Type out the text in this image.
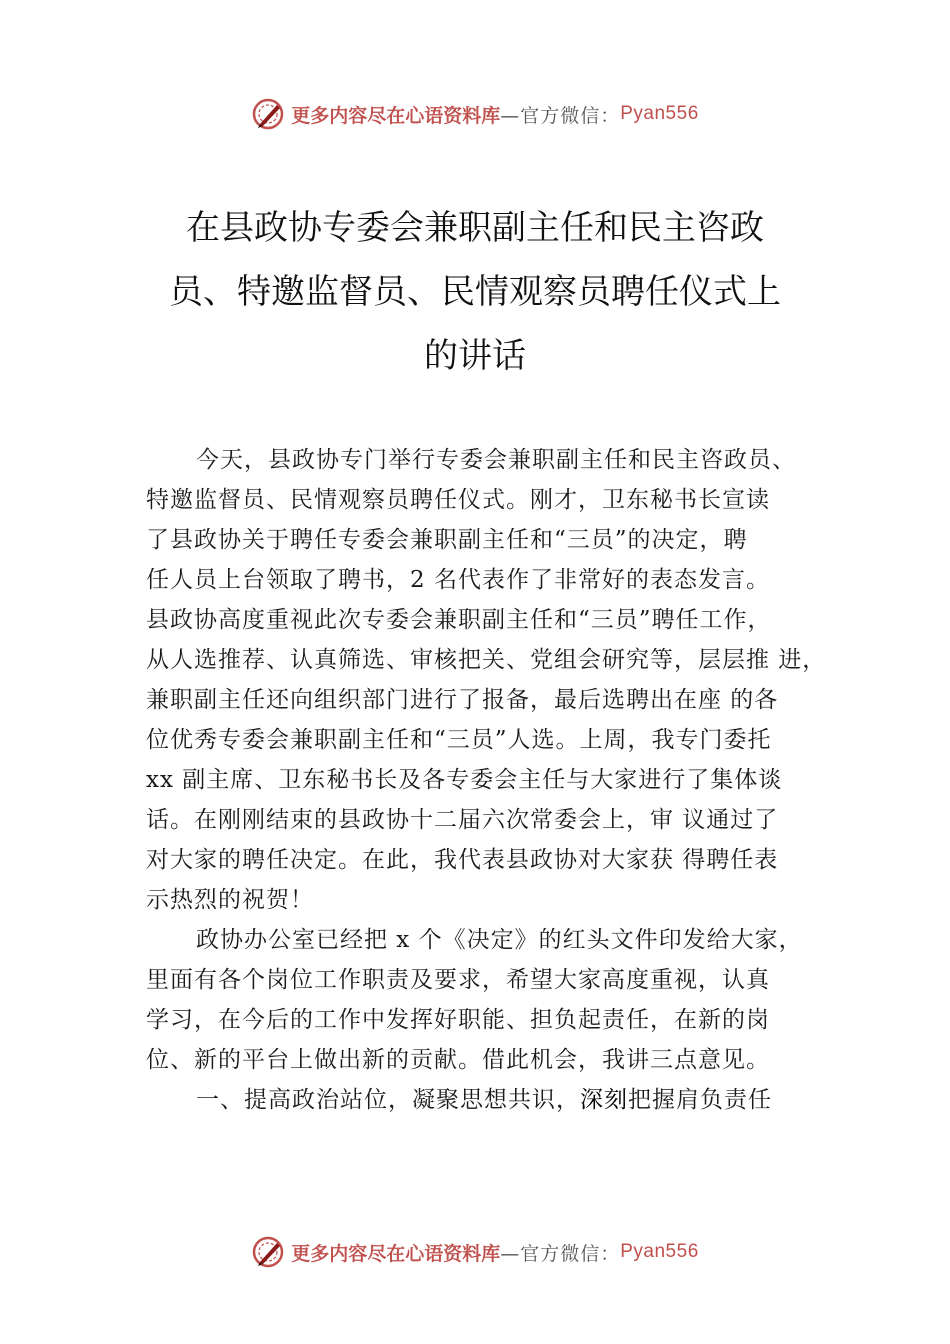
更多内容尽在心语资料库 —官方微信： Pyan556
在县政协专委会兼职副主任和民主咨政
员、特邀监督员、民情观察员聘任仪式上
的讲话
今天，县政协专门举行专委会兼职副主任和民主咨政员、
特邀监督员、民情观察员聘任仪式。刚才，卫东秘书长宣读
了县政协关于聘任专委会兼职副主任和“三员”的决定，聘
任人员上台领取了聘书，2 名代表作了非常好的表态发言。
县政协高度重视此次专委会兼职副主任和“三员”聘任工作，
从人选推荐、认真筛选、审核把关、党组会研究等，层层推 进，
兼职副主任还向组织部门进行了报备，最后选聘出在座 的各
位优秀专委会兼职副主任和“三员”人选。上周，我专门委托
xx 副主席、卫东秘书长及各专委会主任与大家进行了集体谈
话。在刚刚结束的县政协十二届六次常委会上，审 议通过了
对大家的聘任决定。在此，我代表县政协对大家获 得聘任表
示热烈的祝贺！
政协办公室已经把 x 个《决定》的红头文件印发给大家，
里面有各个岗位工作职责及要求，希望大家高度重视，认真
学习，在今后的工作中发挥好职能、担负起责任，在新的岗
位、新的平台上做出新的贡献。借此机会，我讲三点意见。
一、提高政治站位，凝聚思想共识，深刻把握肩负责任
更多内容尽在心语资料库 —官方微信： Pyan556
